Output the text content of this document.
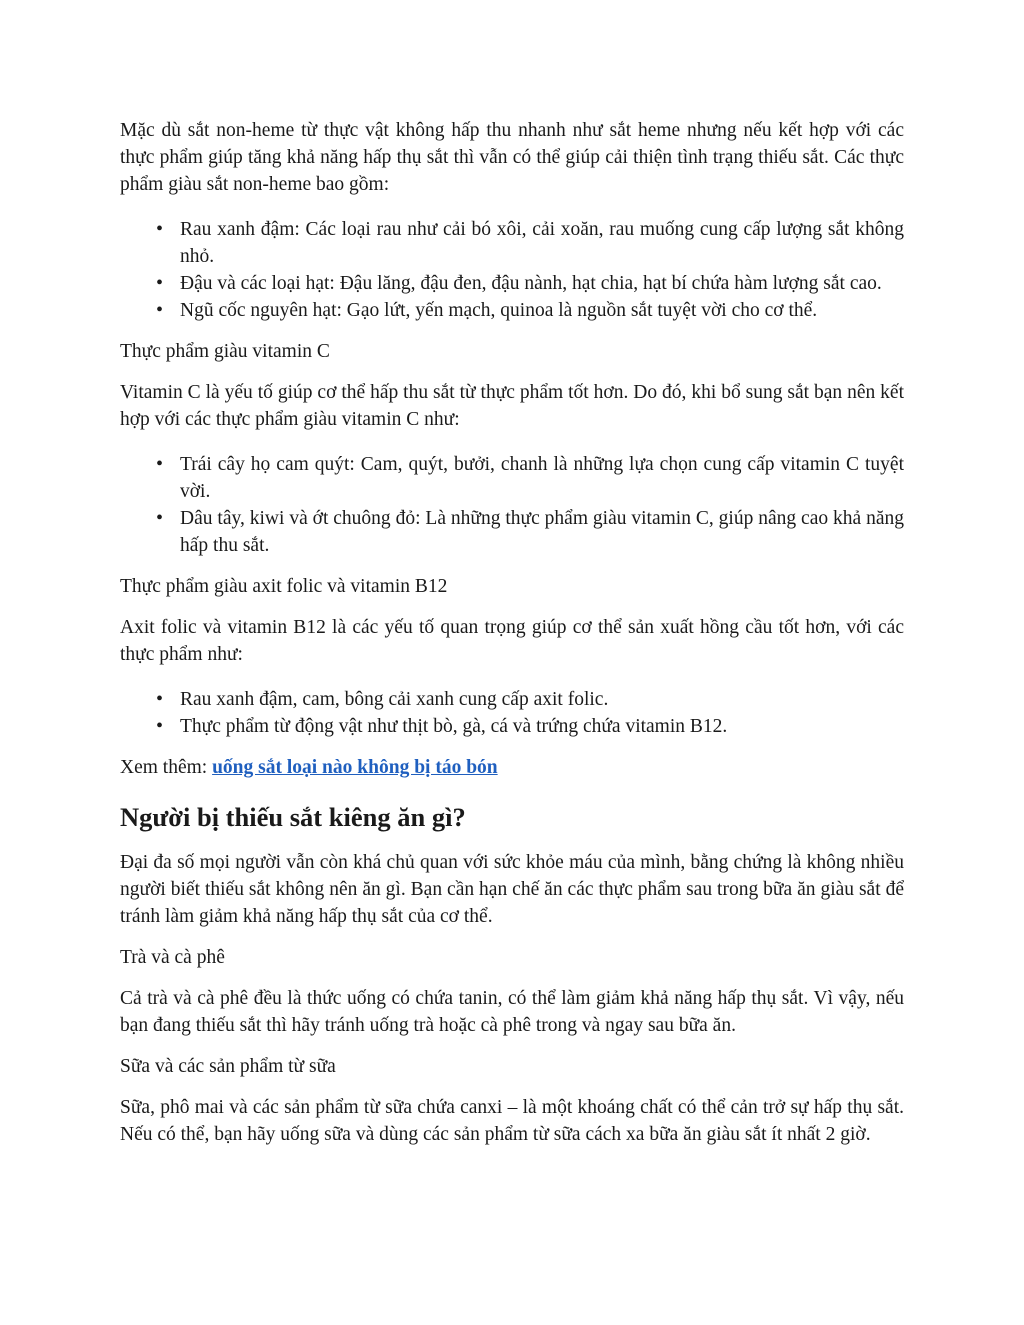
Mặc dù sắt non-heme từ thực vật không hấp thu nhanh như sắt heme nhưng nếu kết hợp với các thực phẩm giúp tăng khả năng hấp thụ sắt thì vẫn có thể giúp cải thiện tình trạng thiếu sắt. Các thực phẩm giàu sắt non-heme bao gồm:

• Rau xanh đậm: Các loại rau như cải bó xôi, cải xoăn, rau muống cung cấp lượng sắt không nhỏ.
• Đậu và các loại hạt: Đậu lăng, đậu đen, đậu nành, hạt chia, hạt bí chứa hàm lượng sắt cao.
• Ngũ cốc nguyên hạt: Gạo lứt, yến mạch, quinoa là nguồn sắt tuyệt vời cho cơ thể.

Thực phẩm giàu vitamin C

Vitamin C là yếu tố giúp cơ thể hấp thu sắt từ thực phẩm tốt hơn. Do đó, khi bổ sung sắt bạn nên kết hợp với các thực phẩm giàu vitamin C như:

• Trái cây họ cam quýt: Cam, quýt, bưởi, chanh là những lựa chọn cung cấp vitamin C tuyệt vời.
• Dâu tây, kiwi và ớt chuông đỏ: Là những thực phẩm giàu vitamin C, giúp nâng cao khả năng hấp thu sắt.

Thực phẩm giàu axit folic và vitamin B12

Axit folic và vitamin B12 là các yếu tố quan trọng giúp cơ thể sản xuất hồng cầu tốt hơn, với các thực phẩm như:

• Rau xanh đậm, cam, bông cải xanh cung cấp axit folic.
• Thực phẩm từ động vật như thịt bò, gà, cá và trứng chứa vitamin B12.

Xem thêm: uống sắt loại nào không bị táo bón

Người bị thiếu sắt kiêng ăn gì?

Đại đa số mọi người vẫn còn khá chủ quan với sức khỏe máu của mình, bằng chứng là không nhiều người biết thiếu sắt không nên ăn gì. Bạn cần hạn chế ăn các thực phẩm sau trong bữa ăn giàu sắt để tránh làm giảm khả năng hấp thụ sắt của cơ thể.

Trà và cà phê

Cả trà và cà phê đều là thức uống có chứa tanin, có thể làm giảm khả năng hấp thụ sắt. Vì vậy, nếu bạn đang thiếu sắt thì hãy tránh uống trà hoặc cà phê trong và ngay sau bữa ăn.

Sữa và các sản phẩm từ sữa

Sữa, phô mai và các sản phẩm từ sữa chứa canxi – là một khoáng chất có thể cản trở sự hấp thụ sắt. Nếu có thể, bạn hãy uống sữa và dùng các sản phẩm từ sữa cách xa bữa ăn giàu sắt ít nhất 2 giờ.
